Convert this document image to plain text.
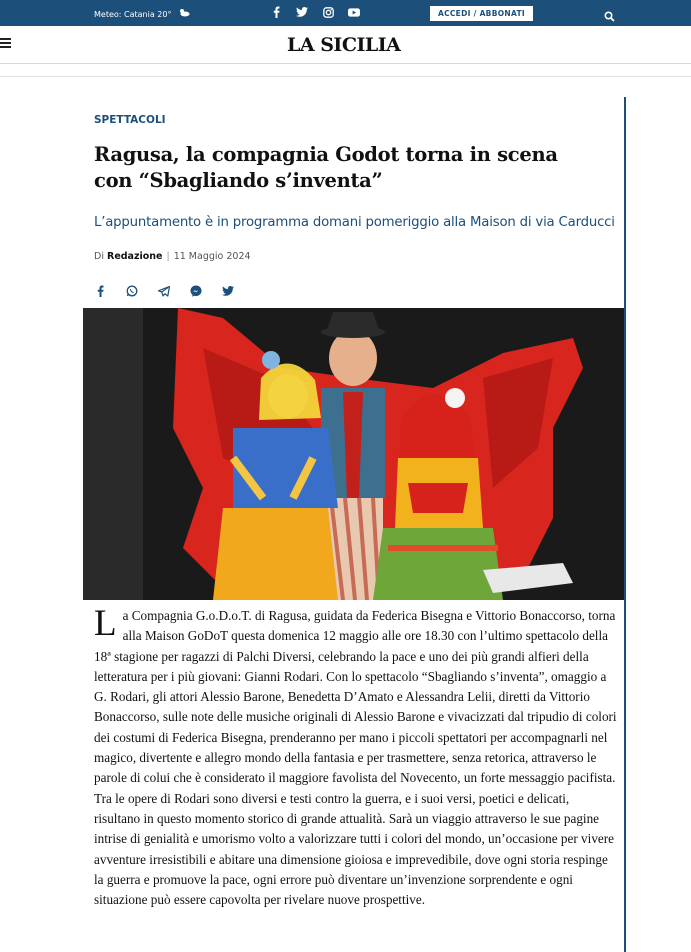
Meteo: Catania 20°	ACCEDI / ABBONATI
LA SICILIA
SPETTACOLI
Ragusa, la compagnia Godot torna in scena con “Sbagliando s’inventa”
L’appuntamento è in programma domani pomeriggio alla Maison di via Carducci
Di Redazione | 11 Maggio 2024
La Compagnia G.o.D.o.T. di Ragusa, guidata da Federica Bisegna e Vittorio Bonaccorso, torna alla Maison GoDoT questa domenica 12 maggio alle ore 18.30 con l’ultimo spettacolo della 18ª stagione per ragazzi di Palchi Diversi, celebrando la pace e uno dei più grandi alfieri della letteratura per i più giovani: Gianni Rodari. Con lo spettacolo “Sbagliando s’inventa”, omaggio a G. Rodari, gli attori Alessio Barone, Benedetta D’Amato e Alessandra Lelii, diretti da Vittorio Bonaccorso, sulle note delle musiche originali di Alessio Barone e vivacizzati dal tripudio di colori dei costumi di Federica Bisegna, prenderanno per mano i piccoli spettatori per accompagnarli nel magico, divertente e allegro mondo della fantasia e per trasmettere, senza retorica, attraverso le parole di colui che è considerato il maggiore favolista del Novecento, un forte messaggio pacifista. Tra le opere di Rodari sono diversi e testi contro la guerra, e i suoi versi, poetici e delicati, risultano in questo momento storico di grande attualità. Sarà un viaggio attraverso le sue pagine intrise di genialità e umorismo volto a valorizzare tutti i colori del mondo, un’occasione per vivere avventure irresistibili e abitare una dimensione gioiosa e imprevedibile, dove ogni storia respinge la guerra e promuove la pace, ogni errore può diventare un’invenzione sorprendente e ogni situazione può essere capovolta per rivelare nuove prospettive.
